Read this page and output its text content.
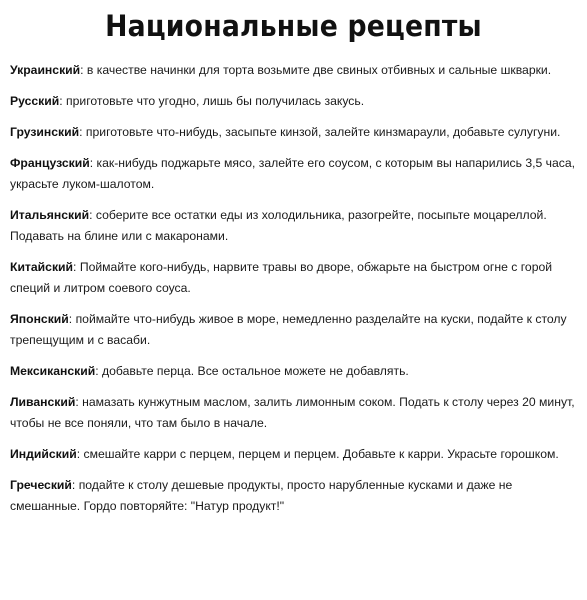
Национальные рецепты

Украинский: в качестве начинки для торта возьмите две свиных отбивных и сальные шкварки.

Русский: приготовьте что угодно, лишь бы получилась закусь.

Грузинский: приготовьте что-нибудь, засыпьте кинзой, залейте кинзмараули, добавьте сулугуни.

Французский: как-нибудь поджарьте мясо, залейте его соусом, с которым вы напарились 3,5 часа, украсьте луком-шалотом.

Итальянский: соберите все остатки еды из холодильника, разогрейте, посыпьте моцареллой. Подавать на блине или с макаронами.

Китайский: Поймайте кого-нибудь, нарвите травы во дворе, обжарьте на быстром огне с горой специй и литром соевого соуса.

Японский: поймайте что-нибудь живое в море, немедленно разделайте на куски, подайте к столу трепещущим и с васаби.

Мексиканский: добавьте перца. Все остальное можете не добавлять.

Ливанский: намазать кунжутным маслом, залить лимонным соком. Подать к столу через 20 минут, чтобы не все поняли, что там было в начале.

Индийский: смешайте карри с перцем, перцем и перцем. Добавьте к карри. Украсьте горошком.

Греческий: подайте к столу дешевые продукты, просто нарубленные кусками и даже не смешанные. Гордо повторяйте: "Натур продукт!"
